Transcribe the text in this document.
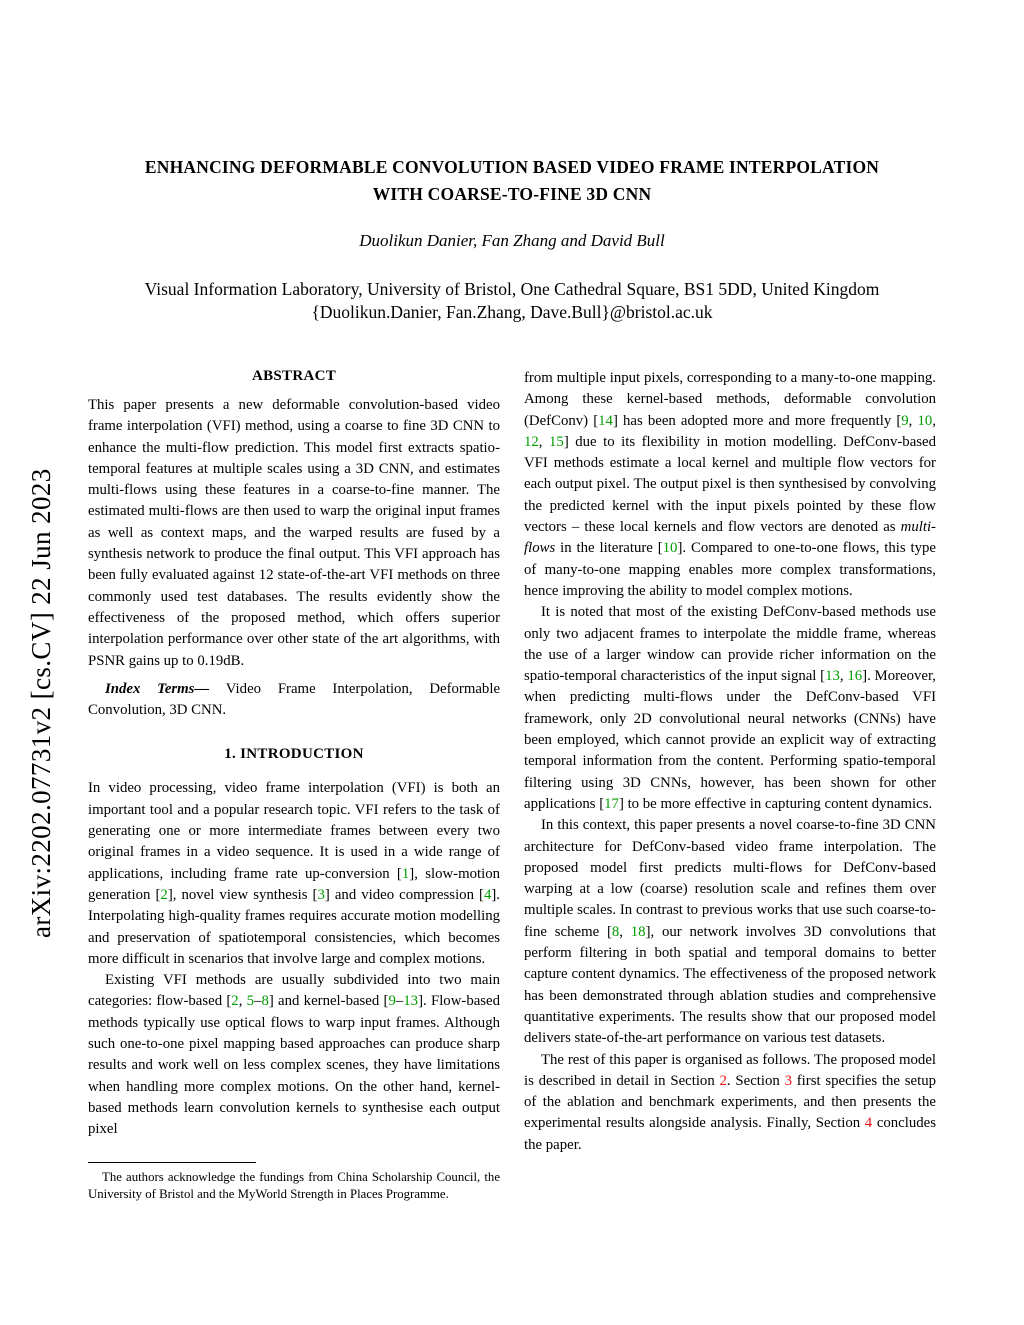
arXiv:2202.07731v2 [cs.CV] 22 Jun 2023
ENHANCING DEFORMABLE CONVOLUTION BASED VIDEO FRAME INTERPOLATION
WITH COARSE-TO-FINE 3D CNN
Duolikun Danier, Fan Zhang and David Bull
Visual Information Laboratory, University of Bristol, One Cathedral Square, BS1 5DD, United Kingdom
{Duolikun.Danier, Fan.Zhang, Dave.Bull}@bristol.ac.uk
ABSTRACT

This paper presents a new deformable convolution-based video frame interpolation (VFI) method, using a coarse to fine 3D CNN to enhance the multi-flow prediction. This model first extracts spatio-temporal features at multiple scales using a 3D CNN, and estimates multi-flows using these features in a coarse-to-fine manner. The estimated multi-flows are then used to warp the original input frames as well as context maps, and the warped results are fused by a synthesis network to produce the final output. This VFI approach has been fully evaluated against 12 state-of-the-art VFI methods on three commonly used test databases. The results evidently show the effectiveness of the proposed method, which offers superior interpolation performance over other state of the art algorithms, with PSNR gains up to 0.19dB.

Index Terms— Video Frame Interpolation, Deformable Convolution, 3D CNN.

1. INTRODUCTION

In video processing, video frame interpolation (VFI) is both an important tool and a popular research topic. VFI refers to the task of generating one or more intermediate frames between every two original frames in a video sequence. It is used in a wide range of applications, including frame rate up-conversion [1], slow-motion generation [2], novel view synthesis [3] and video compression [4]. Interpolating high-quality frames requires accurate motion modelling and preservation of spatiotemporal consistencies, which becomes more difficult in scenarios that involve large and complex motions.

Existing VFI methods are usually subdivided into two main categories: flow-based [2, 5–8] and kernel-based [9–13]. Flow-based methods typically use optical flows to warp input frames. Although such one-to-one pixel mapping based approaches can produce sharp results and work well on less complex scenes, they have limitations when handling more complex motions. On the other hand, kernel-based methods learn convolution kernels to synthesise each output pixel

from multiple input pixels, corresponding to a many-to-one mapping. Among these kernel-based methods, deformable convolution (DefConv) [14] has been adopted more and more frequently [9, 10, 12, 15] due to its flexibility in motion modelling. DefConv-based VFI methods estimate a local kernel and multiple flow vectors for each output pixel. The output pixel is then synthesised by convolving the predicted kernel with the input pixels pointed by these flow vectors – these local kernels and flow vectors are denoted as multi-flows in the literature [10]. Compared to one-to-one flows, this type of many-to-one mapping enables more complex transformations, hence improving the ability to model complex motions.

It is noted that most of the existing DefConv-based methods use only two adjacent frames to interpolate the middle frame, whereas the use of a larger window can provide richer information on the spatio-temporal characteristics of the input signal [13, 16]. Moreover, when predicting multi-flows under the DefConv-based VFI framework, only 2D convolutional neural networks (CNNs) have been employed, which cannot provide an explicit way of extracting temporal information from the content. Performing spatio-temporal filtering using 3D CNNs, however, has been shown for other applications [17] to be more effective in capturing content dynamics.

In this context, this paper presents a novel coarse-to-fine 3D CNN architecture for DefConv-based video frame interpolation. The proposed model first predicts multi-flows for DefConv-based warping at a low (coarse) resolution scale and refines them over multiple scales. In contrast to previous works that use such coarse-to-fine scheme [8, 18], our network involves 3D convolutions that perform filtering in both spatial and temporal domains to better capture content dynamics. The effectiveness of the proposed network has been demonstrated through ablation studies and comprehensive quantitative experiments. The results show that our proposed model delivers state-of-the-art performance on various test datasets.

The rest of this paper is organised as follows. The proposed model is described in detail in Section 2. Section 3 first specifies the setup of the ablation and benchmark experiments, and then presents the experimental results alongside analysis. Finally, Section 4 concludes the paper.

The authors acknowledge the fundings from China Scholarship Council, the University of Bristol and the MyWorld Strength in Places Programme.
